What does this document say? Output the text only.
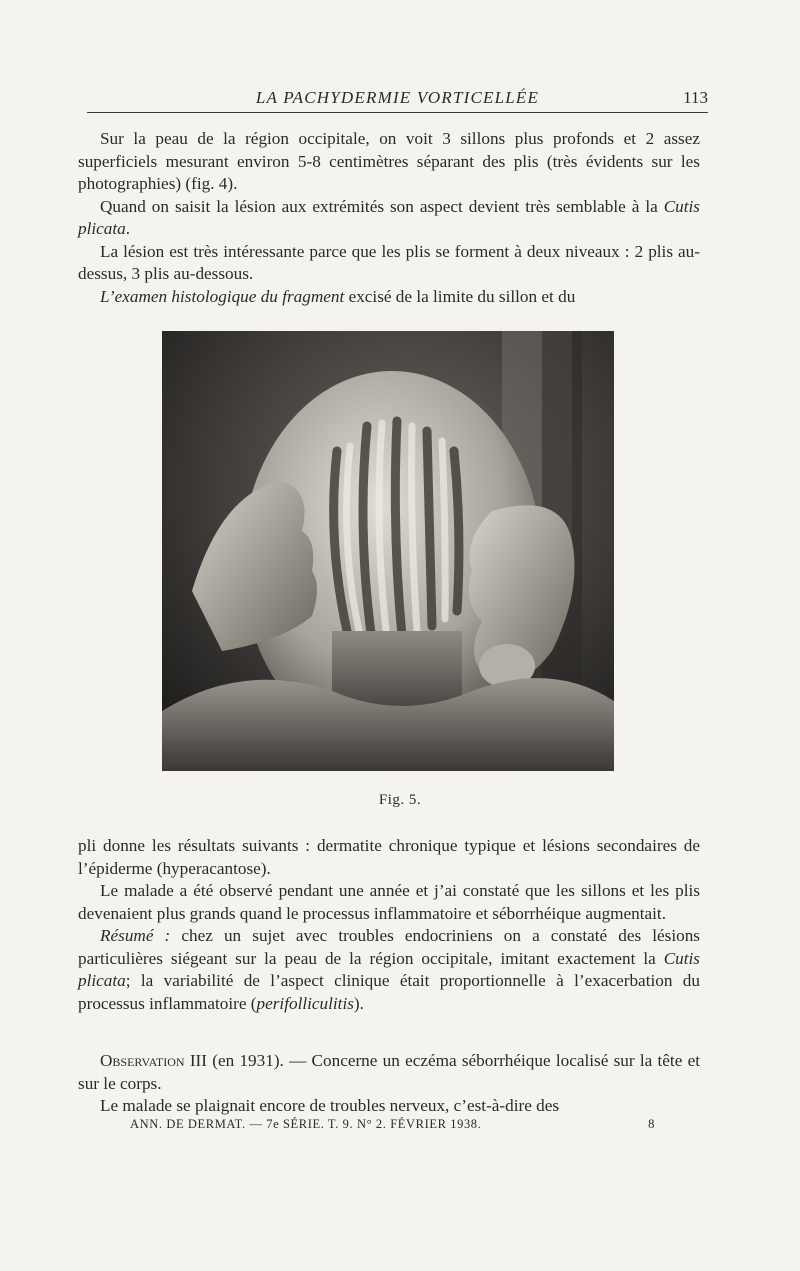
LA PACHYDERMIE VORTICELLÉE	113

Sur la peau de la région occipitale, on voit 3 sillons plus profonds et 2 assez superficiels mesurant environ 5-8 centimètres séparant des plis (très évidents sur les photographies) (fig. 4).

Quand on saisit la lésion aux extrémités son aspect devient très semblable à la Cutis plicata.

La lésion est très intéressante parce que les plis se forment à deux niveaux : 2 plis au-dessus, 3 plis au-dessous.

L’examen histologique du fragment excisé de la limite du sillon et du

Fig. 5.

pli donne les résultats suivants : dermatite chronique typique et lésions secondaires de l’épiderme (hyperacantose).

Le malade a été observé pendant une année et j’ai constaté que les sillons et les plis devenaient plus grands quand le processus inflammatoire et séborrhéique augmentait.

Résumé : chez un sujet avec troubles endocriniens on a constaté des lésions particulières siégeant sur la peau de la région occipitale, imitant exactement la Cutis plicata; la variabilité de l’aspect clinique était proportionnelle à l’exacerbation du processus inflammatoire (perifolliculitis).

Observation III (en 1931). — Concerne un eczéma séborrhéique localisé sur la tête et sur le corps.

Le malade se plaignait encore de troubles nerveux, c’est-à-dire des

ANN. DE DERMAT. — 7e SÉRIE. T. 9. N° 2. FÉVRIER 1938.	8
